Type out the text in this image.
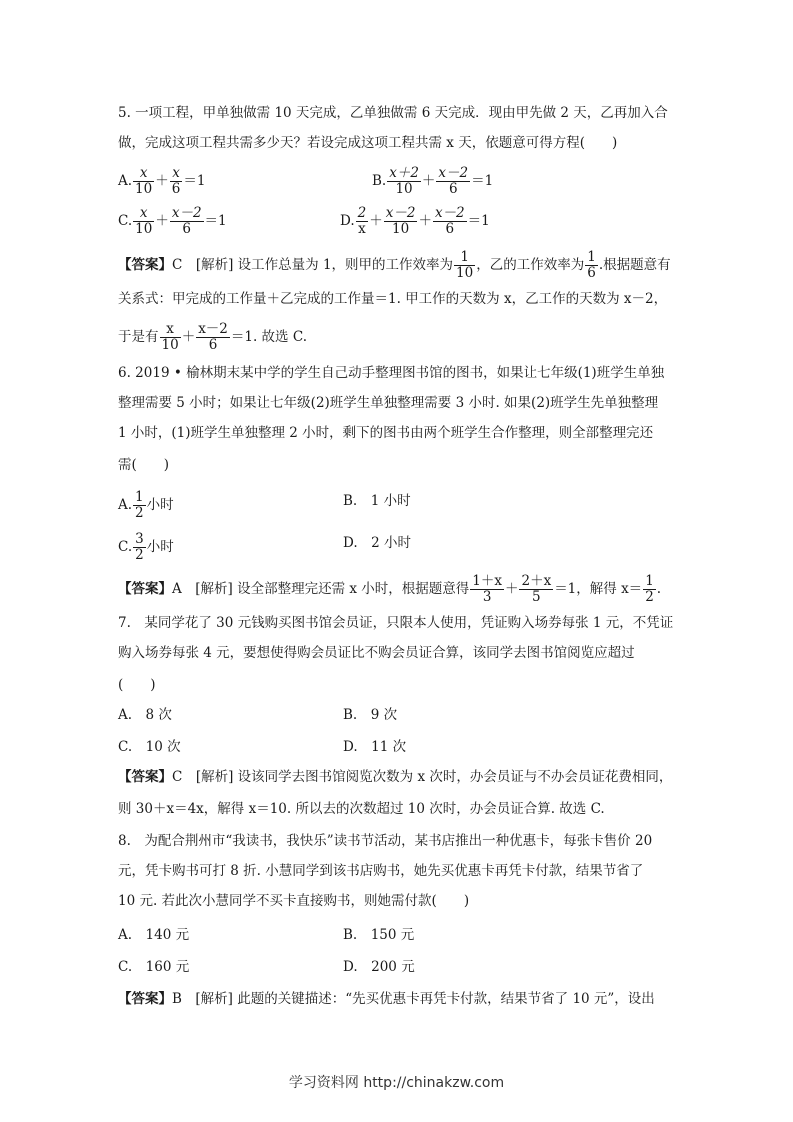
5. 一项工程，甲单独做需 10 天完成，乙单独做需 6 天完成．现由甲先做 2 天，乙再加入合
做，完成这项工程共需多少天？若设完成这项工程共需 x 天，依题意可得方程(　　)
A. $\frac{x}{10} + \frac{x}{6} =1$	B. $\frac{x+2}{10} + \frac{x-2}{6} =1$
C. $\frac{x}{10} + \frac{x-2}{6} =1$	D. $\frac{2}{x} + \frac{x-2}{10} + \frac{x-2}{6} =1$
【答案】C　[解析] 设工作总量为 1，则甲的工作效率为 $\frac{1}{10}$ ，乙的工作效率为 $\frac{1}{6}$ .根据题意有
关系式：甲完成的工作量＋乙完成的工作量＝1. 甲工作的天数为 x，乙工作的天数为 x－2，
于是有 $\frac{x}{10} + \frac{x-2}{6} =1$. 故选 C.
6. 2019 • 榆林期末某中学的学生自己动手整理图书馆的图书，如果让七年级(1)班学生单独
整理需要 5 小时；如果让七年级(2)班学生单独整理需要 3 小时. 如果(2)班学生先单独整理
1 小时，(1)班学生单独整理 2 小时，剩下的图书由两个班学生合作整理，则全部整理完还
需(　　)
A. $\frac{1}{2}$ 小时	B.　1 小时
C. $\frac{3}{2}$ 小时	D.　2 小时
【答案】A　[解析] 设全部整理完还需 x 小时，根据题意得 $\frac{1+x}{3} + \frac{2+x}{5} =1$，解得 $x= \frac{1}{2}$ .
7.　某同学花了 30 元钱购买图书馆会员证，只限本人使用，凭证购入场券每张 1 元，不凭证
购入场券每张 4 元，要想使得购会员证比不购会员证合算，该同学去图书馆阅览应超过
(　　)
A.　8 次	B.　9 次
C.　10 次	D.　11 次
【答案】C　[解析] 设该同学去图书馆阅览次数为 x 次时，办会员证与不办会员证花费相同，
则 30＋x＝4x，解得 x＝10. 所以去的次数超过 10 次时，办会员证合算. 故选 C.
8.　为配合荆州市“我读书，我快乐”读书节活动，某书店推出一种优惠卡，每张卡售价 20
元，凭卡购书可打 8 折. 小慧同学到该书店购书，她先买优惠卡再凭卡付款，结果节省了
10 元. 若此次小慧同学不买卡直接购书，则她需付款(　　)
A.　140 元	B.　150 元
C.　160 元	D.　200 元
【答案】B　[解析] 此题的关键描述：“先买优惠卡再凭卡付款，结果节省了 10 元”，设出
学习资料网 http://chinakzw.com
